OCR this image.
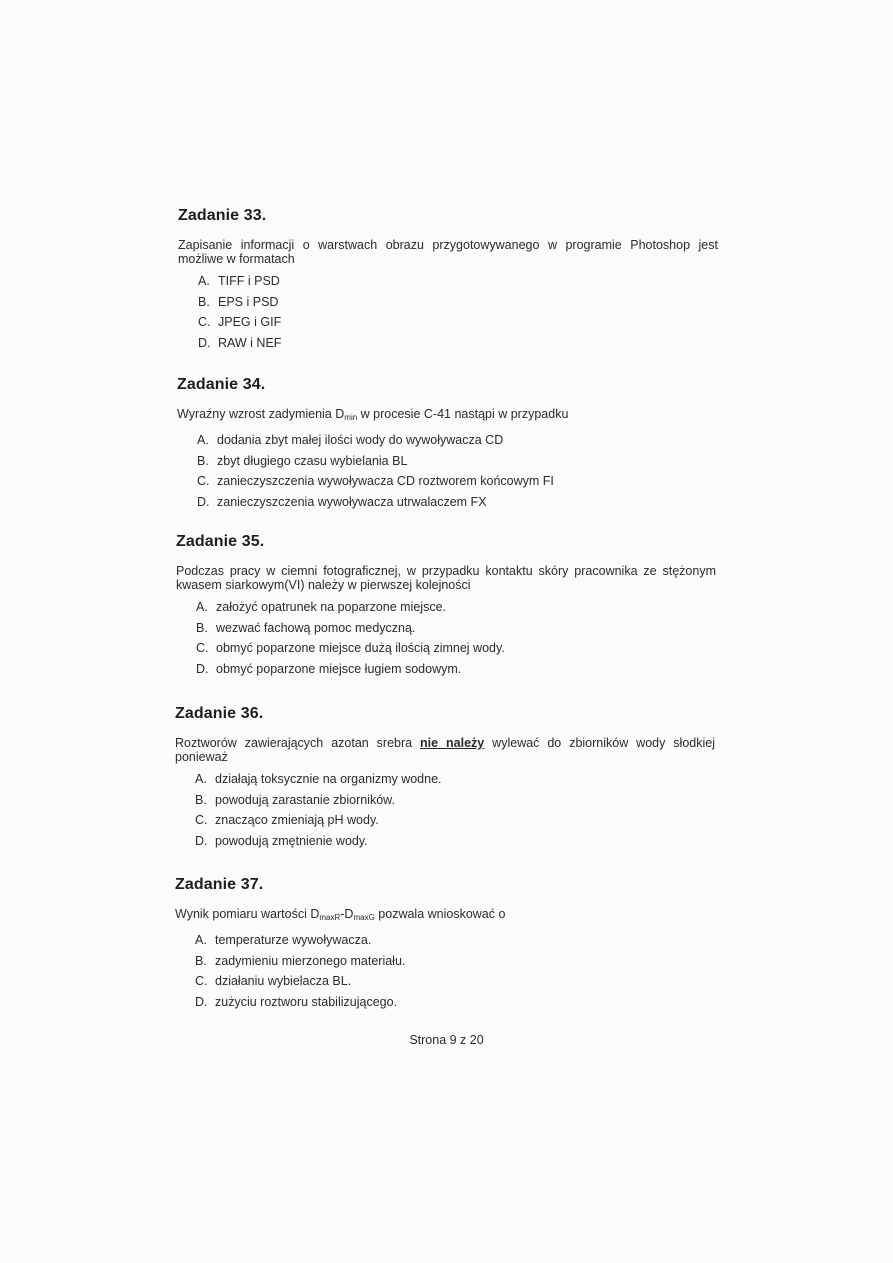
Zadanie 33.

Zapisanie informacji o warstwach obrazu przygotowywanego w programie Photoshop jest możliwe w formatach

A. TIFF i PSD
B. EPS i PSD
C. JPEG i GIF
D. RAW i NEF
Zadanie 34.

Wyraźny wzrost zadymienia $D_{min}$ w procesie C-41 nastąpi w przypadku

A. dodania zbyt małej ilości wody do wywoływacza CD
B. zbyt długiego czasu wybielania BL
C. zanieczyszczenia wywoływacza CD roztworem końcowym FI
D. zanieczyszczenia wywoływacza utrwalaczem FX
Zadanie 35.

Podczas pracy w ciemni fotograficznej, w przypadku kontaktu skóry pracownika ze stężonym kwasem siarkowym(VI) należy w pierwszej kolejności

A. założyć opatrunek na poparzone miejsce.
B. wezwać fachową pomoc medyczną.
C. obmyć poparzone miejsce dużą ilością zimnej wody.
D. obmyć poparzone miejsce ługiem sodowym.
Zadanie 36.

Roztworów zawierających azotan srebra nie należy wylewać do zbiorników wody słodkiej ponieważ

A. działają toksycznie na organizmy wodne.
B. powodują zarastanie zbiorników.
C. znacząco zmieniają pH wody.
D. powodują zmętnienie wody.
Zadanie 37.

Wynik pomiaru wartości $D_{maxR}-D_{maxG}$ pozwala wnioskować o

A. temperaturze wywoływacza.
B. zadymieniu mierzonego materiału.
C. działaniu wybielacza BL.
D. zużyciu roztworu stabilizującego.
Strona 9 z 20
